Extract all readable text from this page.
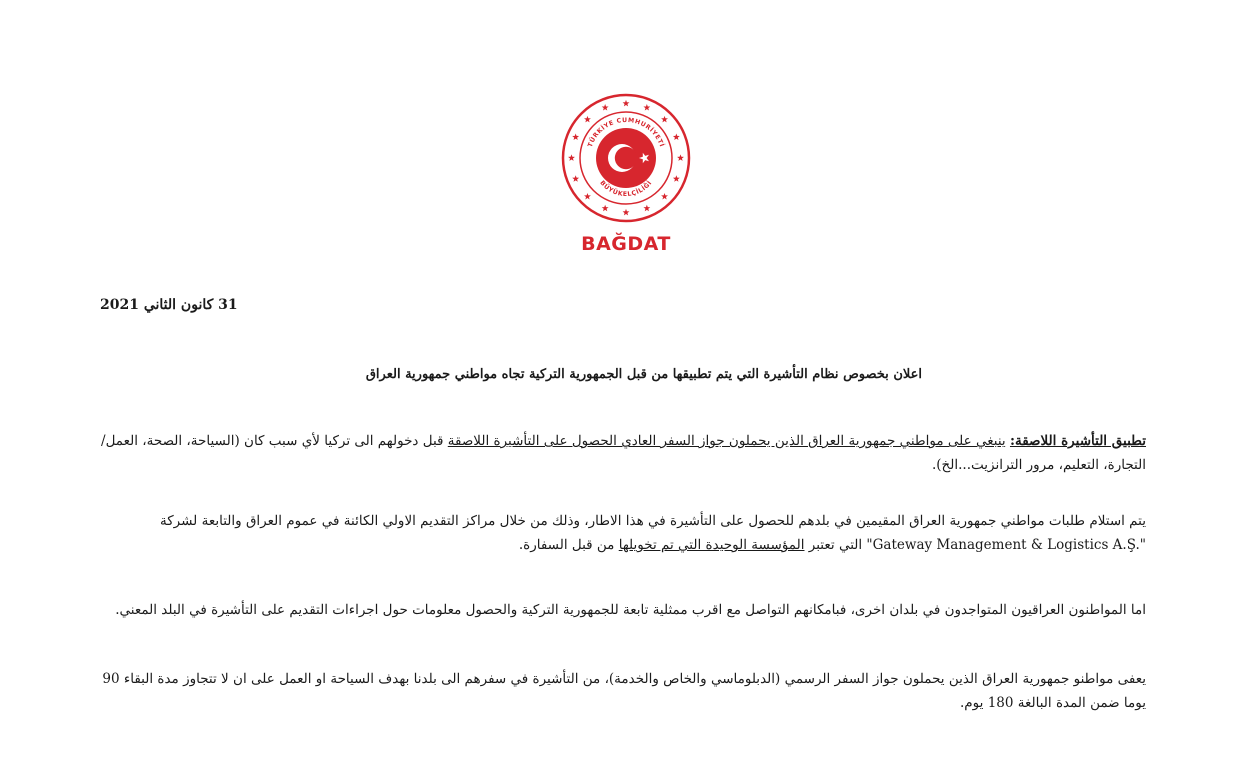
TÜRKİYE CUMHURİYETİ
BÜYÜKELÇİLİĞİ
BAĞDAT
31 كانون الثاني 2021
اعلان بخصوص نظام التأشيرة التي يتم تطبيقها من قبل الجمهورية التركية تجاه مواطني جمهورية العراق
تطبيق التأشيرة اللاصقة: ينبغي على مواطني جمهورية العراق الذين يحملون جواز السفر العادي الحصول على التأشيرة اللاصقة قبل دخولهم الى تركيا لأي سبب كان (السياحة، الصحة، العمل/التجارة، التعليم، مرور الترانزيت...الخ).
يتم استلام طلبات مواطني جمهورية العراق المقيمين في بلدهم للحصول على التأشيرة في هذا الاطار، وذلك من خلال مراكز التقديم الاولي الكائنة في عموم العراق والتابعة لشركة "Gateway Management & Logistics A.Ş." التي تعتبر المؤسسة الوحيدة التي تم تخويلها من قبل السفارة.
اما المواطنون العراقيون المتواجدون في بلدان اخرى، فبامكانهم التواصل مع اقرب ممثلية تابعة للجمهورية التركية والحصول معلومات حول اجراءات التقديم على التأشيرة في البلد المعني.
يعفى مواطنو جمهورية العراق الذين يحملون جواز السفر الرسمي (الدبلوماسي والخاص والخدمة)، من التأشيرة في سفرهم الى بلدنا بهدف السياحة او العمل على ان لا تتجاوز مدة البقاء 90 يوما ضمن المدة البالغة 180 يوم.
